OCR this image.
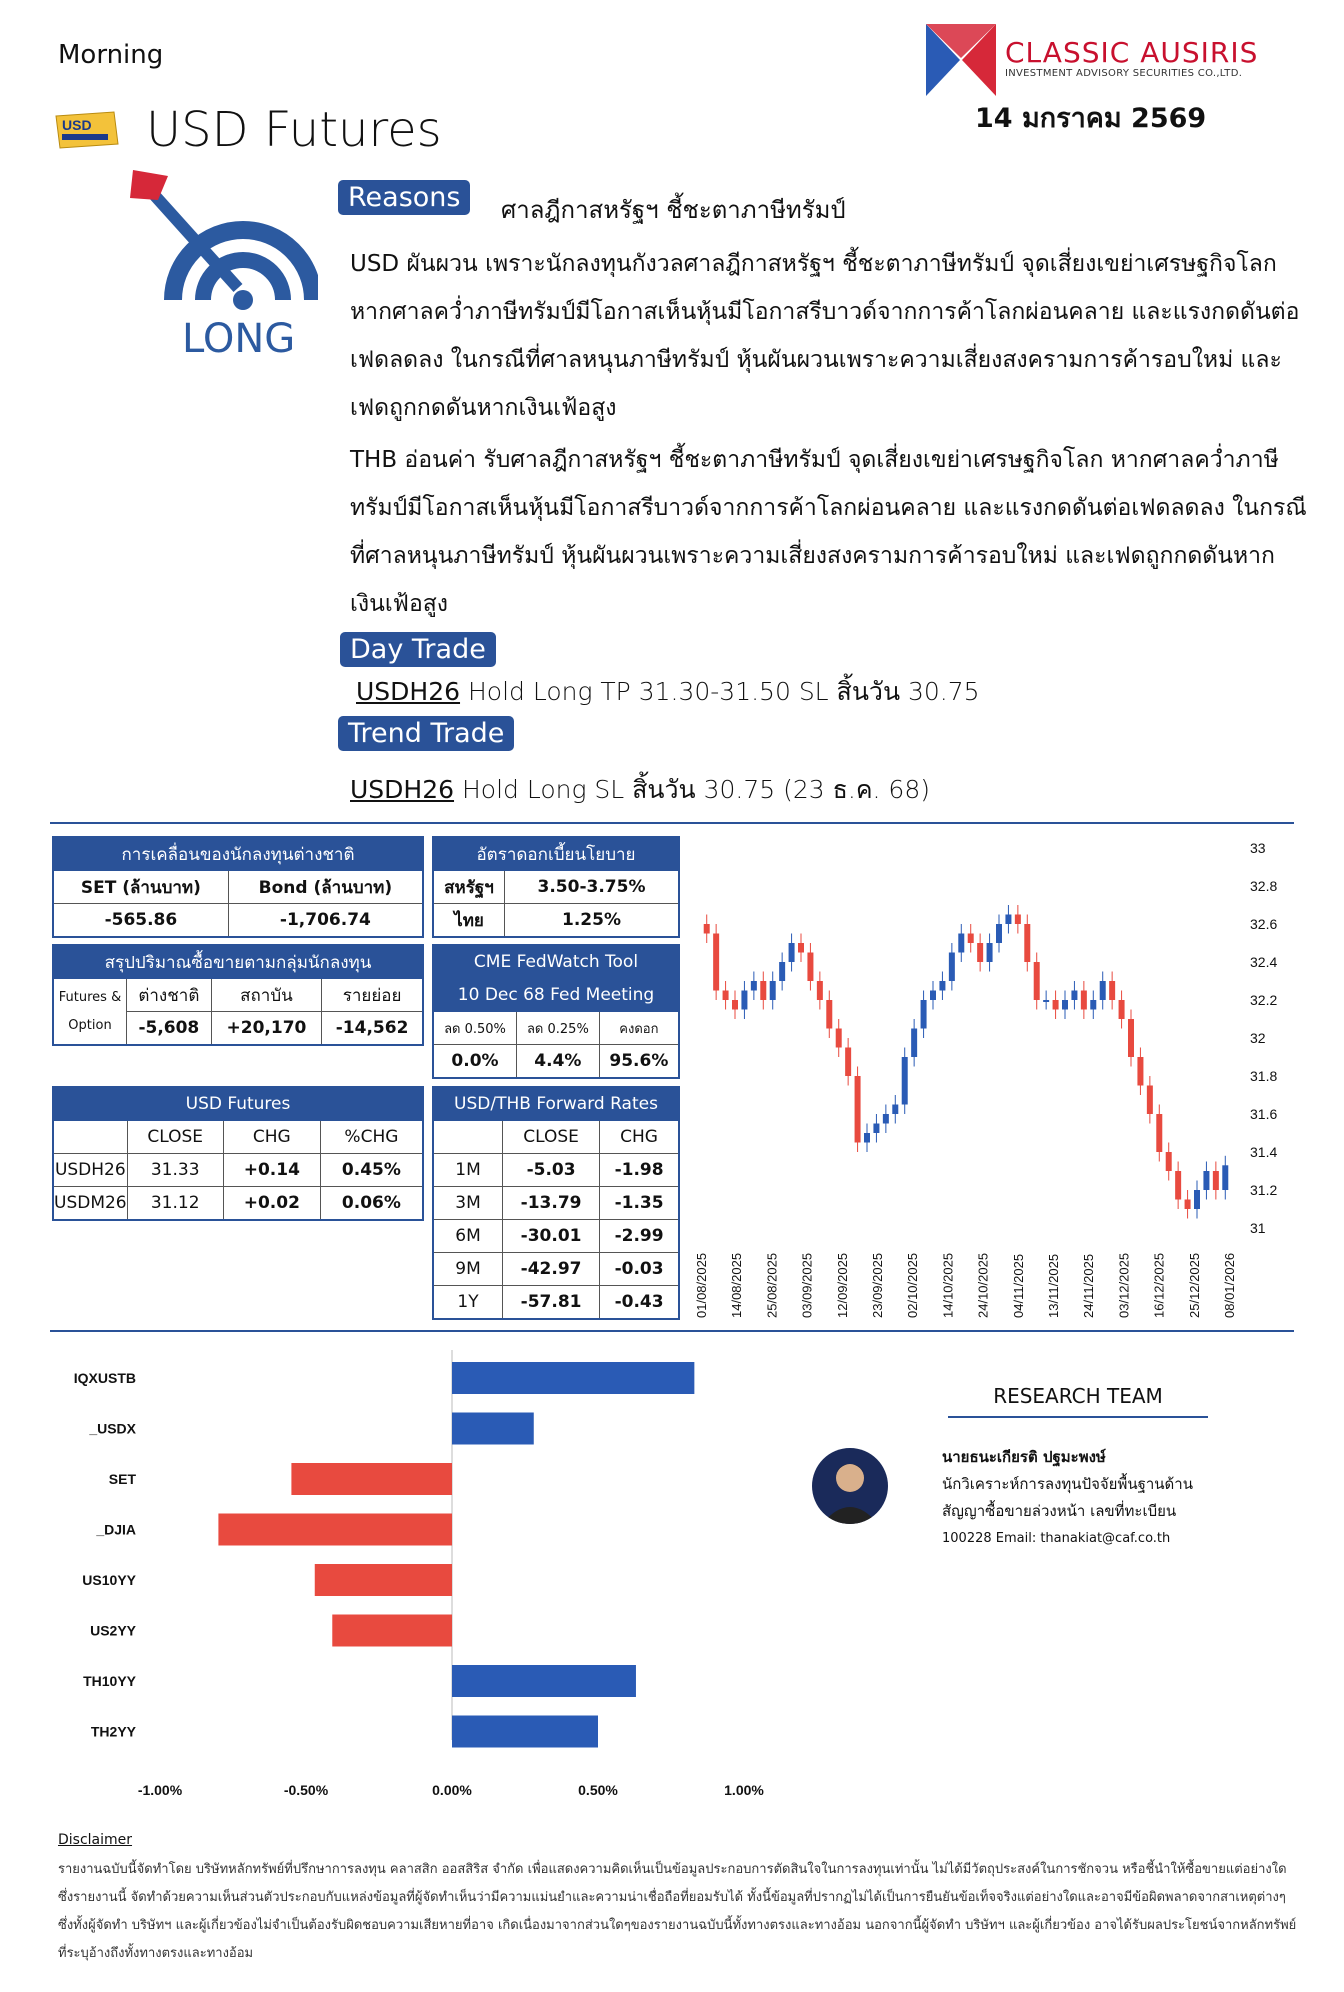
Morning
USD USD Futures
CLASSIC AUSIRIS
INVESTMENT ADVISORY SECURITIES CO.,LTD.
14 มกราคม 2569
LONG
Reasons	ศาลฎีกาสหรัฐฯ ชี้ชะตาภาษีทรัมป์
USD ผันผวน เพราะนักลงทุนกังวลศาลฎีกาสหรัฐฯ ชี้ชะตาภาษีทรัมป์ จุดเสี่ยงเขย่าเศรษฐกิจโลก หากศาลคว่ำภาษีทรัมป์มีโอกาสเห็นหุ้นมีโอกาสรีบาวด์จากการค้าโลกผ่อนคลาย และแรงกดดันต่อเฟดลดลง ในกรณีที่ศาลหนุนภาษีทรัมป์ หุ้นผันผวนเพราะความเสี่ยงสงครามการค้ารอบใหม่ และเฟดถูกกดดันหากเงินเฟ้อสูง
THB อ่อนค่า รับศาลฎีกาสหรัฐฯ ชี้ชะตาภาษีทรัมป์ จุดเสี่ยงเขย่าเศรษฐกิจโลก หากศาลคว่ำภาษีทรัมป์มีโอกาสเห็นหุ้นมีโอกาสรีบาวด์จากการค้าโลกผ่อนคลาย และแรงกดดันต่อเฟดลดลง ในกรณีที่ศาลหนุนภาษีทรัมป์ หุ้นผันผวนเพราะความเสี่ยงสงครามการค้ารอบใหม่ และเฟดถูกกดดันหากเงินเฟ้อสูง
Day Trade
USDH26 Hold Long TP 31.30-31.50 SL สิ้นวัน 30.75
Trend Trade
USDH26 Hold Long SL สิ้นวัน 30.75 (23 ธ.ค. 68)
การเคลื่อนของนักลงทุนต่างชาติ	
SET (ล้านบาท)	Bond (ล้านบาท)
-565.86	-1,706.74
อัตราดอกเบี้ยนโยบาย	
สหรัฐฯ	3.50-3.75%
ไทย	1.25%
สรุปปริมาณซื้อขายตามกลุ่มนักลงทุน			
Futures &
Option	ต่างชาติ	สถาบัน	รายย่อย
	-5,608	+20,170	-14,562
CME FedWatch Tool		
10 Dec 68 Fed Meeting		
ลด 0.50%	ลด 0.25%	คงดอก
0.0%	4.4%	95.6%
USD Futures			
	CLOSE	CHG	%CHG
USDH26	31.33	+0.14	0.45%
USDM26	31.12	+0.02	0.06%
USD/THB Forward Rates		
	CLOSE	CHG
1M	-5.03	-1.98
3M	-13.79	-1.35
6M	-30.01	-2.99
9M	-42.97	-0.03
1Y	-57.81	-0.43
33
32.8
32.6
32.4
32.2
32
31.8
31.6
31.4
31.2
31
01/08/2025 14/08/2025 25/08/2025 03/09/2025 12/09/2025 23/09/2025 02/10/2025 14/10/2025 24/10/2025 04/11/2025 13/11/2025 24/11/2025 03/12/2025 16/12/2025 25/12/2025 08/01/2026
IQXUSTB
_USDX
SET
_DJIA
US10YY
US2YY
TH10YY
TH2YY
-1.00%	-0.50%	0.00%	0.50%	1.00%
RESEARCH TEAM
นายธนะเกียรติ ปฐมะพงษ์
นักวิเคราะห์การลงทุนปัจจัยพื้นฐานด้าน
สัญญาซื้อขายล่วงหน้า เลขที่ทะเบียน
100228 Email: thanakiat@caf.co.th
Disclaimer
รายงานฉบับนี้จัดทำโดย บริษัทหลักทรัพย์ที่ปรึกษาการลงทุน คลาสสิก ออสสิริส จำกัด เพื่อแสดงความคิดเห็นเป็นข้อมูลประกอบการตัดสินใจในการลงทุนเท่านั้น ไม่ได้มีวัตถุประสงค์ในการชักจวน หรือชี้นำให้ซื้อขายแต่อย่างใด ซึ่งรายงานนี้ จัดทำด้วยความเห็นส่วนตัวประกอบกับแหล่งข้อมูลที่ผู้จัดทำเห็นว่ามีความแม่นยำและความน่าเชื่อถือที่ยอมรับได้ ทั้งนี้ข้อมูลที่ปรากฏไม่ได้เป็นการยืนยันข้อเท็จจริงแต่อย่างใดและอาจมีข้อผิดพลาดจากสาเหตุต่างๆ ซึ่งทั้งผู้จัดทำ บริษัทฯ และผู้เกี่ยวข้องไม่จำเป็นต้องรับผิดชอบความเสียหายที่อาจ เกิดเนื่องมาจากส่วนใดๆของรายงานฉบับนี้ทั้งทางตรงและทางอ้อม นอกจากนี้ผู้จัดทำ บริษัทฯ และผู้เกี่ยวข้อง อาจได้รับผลประโยชน์จากหลักทรัพย์ที่ระบุอ้างถึงทั้งทางตรงและทางอ้อม
